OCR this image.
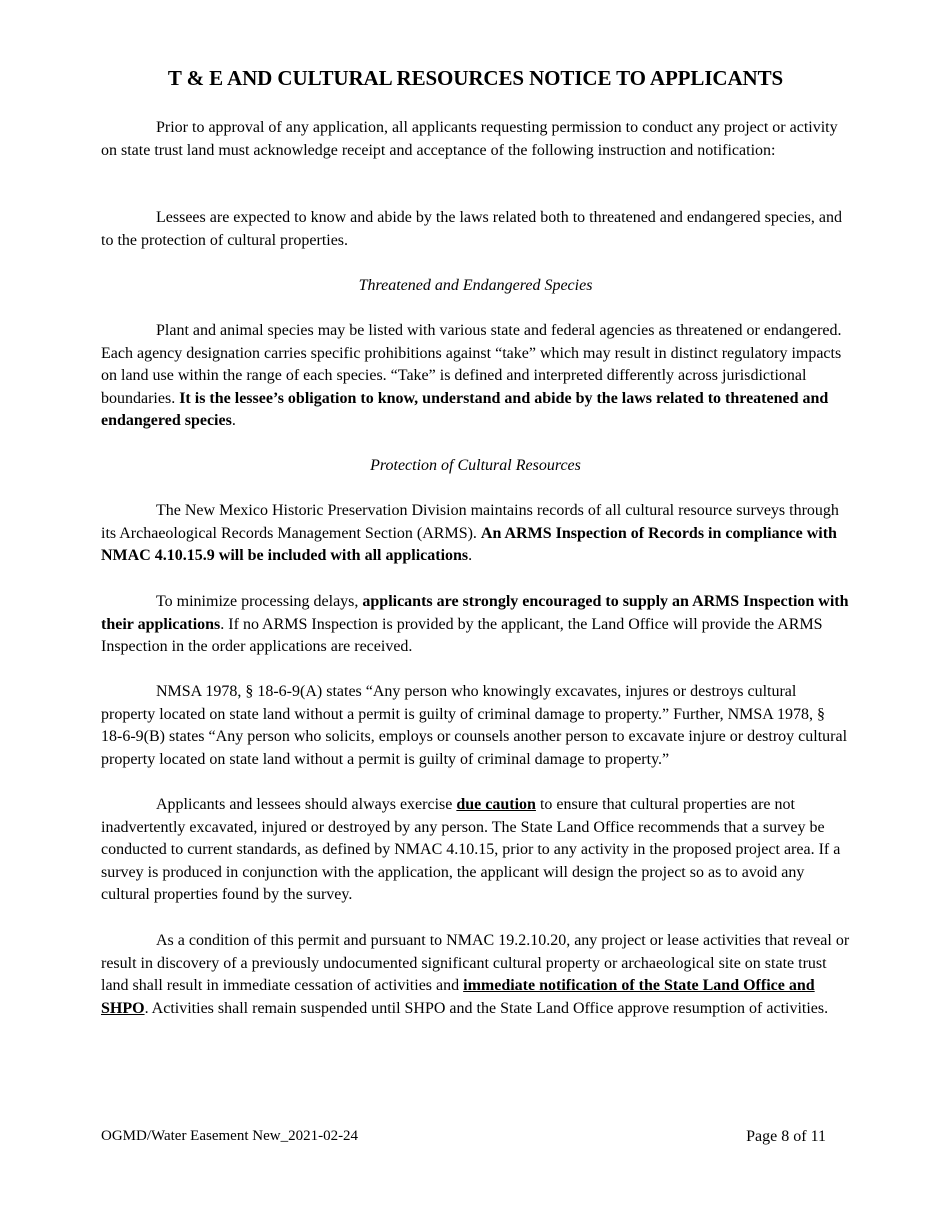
T & E AND CULTURAL RESOURCES NOTICE TO APPLICANTS

Prior to approval of any application, all applicants requesting permission to conduct any project or activity on state trust land must acknowledge receipt and acceptance of the following instruction and notification:

Lessees are expected to know and abide by the laws related both to threatened and endangered species, and to the protection of cultural properties.

Threatened and Endangered Species

Plant and animal species may be listed with various state and federal agencies as threatened or endangered. Each agency designation carries specific prohibitions against “take” which may result in distinct regulatory impacts on land use within the range of each species. “Take” is defined and interpreted differently across jurisdictional boundaries. It is the lessee’s obligation to know, understand and abide by the laws related to threatened and endangered species.

Protection of Cultural Resources

The New Mexico Historic Preservation Division maintains records of all cultural resource surveys through its Archaeological Records Management Section (ARMS). An ARMS Inspection of Records in compliance with NMAC 4.10.15.9 will be included with all applications.

To minimize processing delays, applicants are strongly encouraged to supply an ARMS Inspection with their applications. If no ARMS Inspection is provided by the applicant, the Land Office will provide the ARMS Inspection in the order applications are received.

NMSA 1978, § 18-6-9(A) states “Any person who knowingly excavates, injures or destroys cultural property located on state land without a permit is guilty of criminal damage to property.” Further, NMSA 1978, § 18-6-9(B) states “Any person who solicits, employs or counsels another person to excavate injure or destroy cultural property located on state land without a permit is guilty of criminal damage to property.”

Applicants and lessees should always exercise due caution to ensure that cultural properties are not inadvertently excavated, injured or destroyed by any person. The State Land Office recommends that a survey be conducted to current standards, as defined by NMAC 4.10.15, prior to any activity in the proposed project area. If a survey is produced in conjunction with the application, the applicant will design the project so as to avoid any cultural properties found by the survey.

As a condition of this permit and pursuant to NMAC 19.2.10.20, any project or lease activities that reveal or result in discovery of a previously undocumented significant cultural property or archaeological site on state trust land shall result in immediate cessation of activities and immediate notification of the State Land Office and SHPO. Activities shall remain suspended until SHPO and the State Land Office approve resumption of activities.

OGMD/Water Easement New_2021-02-24	Page 8 of 11
